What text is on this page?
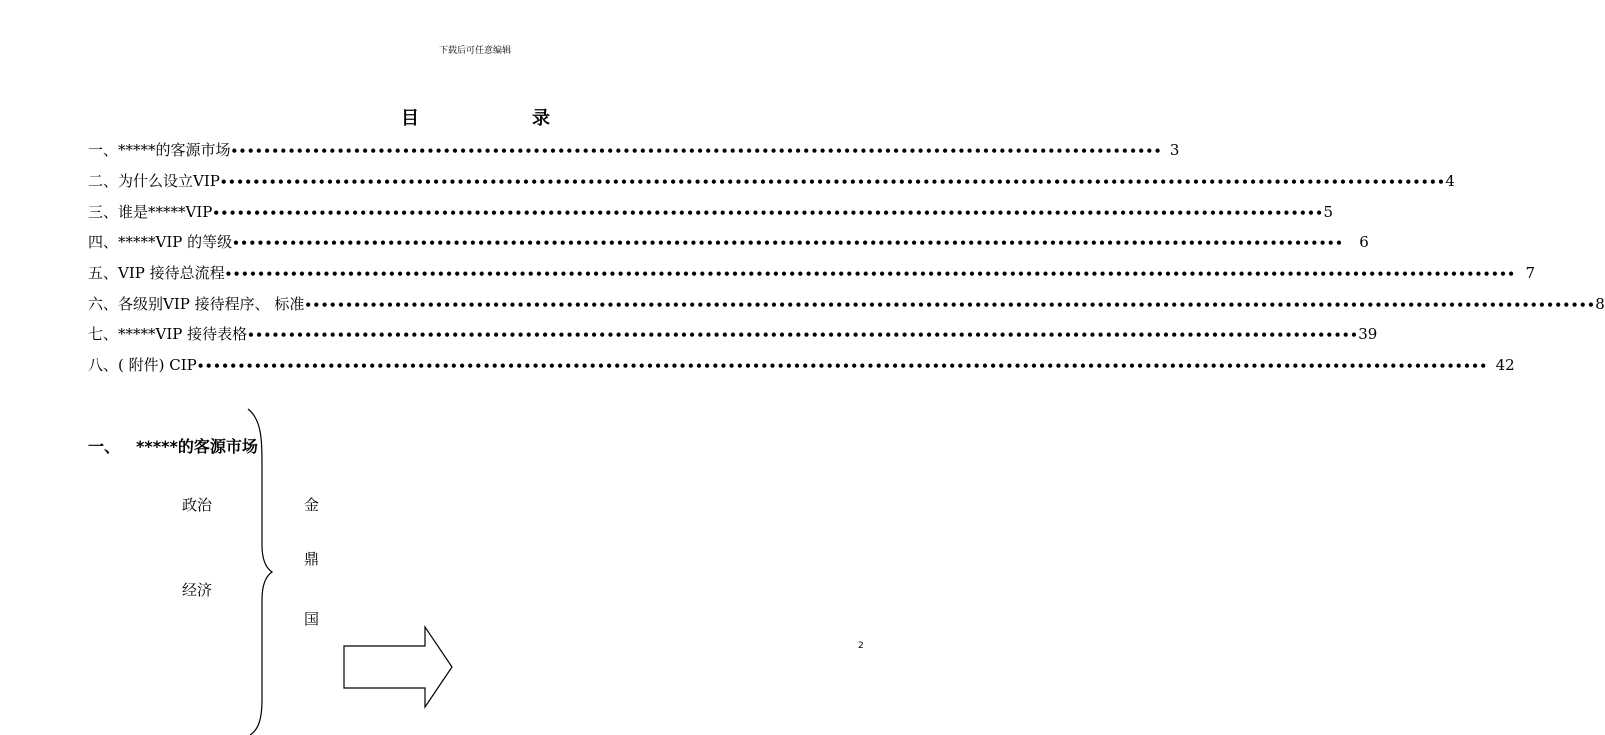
下载后可任意编辑
目	录
一、*****的客源市场 •••••••••••••••••••••••••••••••••••••••••••••••••••••••••••••••••••••••••••••••••••••••••••••••••••••••••••••••••• 3
二、为什么设立VIP •••••••••••••••••••••••••••••••••••••••••••••••••••••••••••••••••••••••••••••••••••••••••••••••••••••••••••••••••••••••••••••••••••••••••••••••••••••• 4
三、谁是*****VIP •••••••••••••••••••••••••••••••••••••••••••••••••••••••••••••••••••••••••••••••••••••••••••••••••••••••••••••••••••••••••••••••••••••••• 5
四、*****VIP 的等级 •••••••••••••••••••••••••••••••••••••••••••••••••••••••••••••••••••••••••••••••••••••••••••••••••••••••••••••••••••••••••••••••••••••••• 6
五、VIP 接待总流程 •••••••••••••••••••••••••••••••••••••••••••••••••••••••••••••••••••••••••••••••••••••••••••••••••••••••••••••••••••••••••••••••••••••••••••••••••••••••••••••• 7
六、各级别VIP 接待程序、 标准 •••••••••••••••••••••••••••••••••••••••••••••••••••••••••••••••••••••••••••••••••••••••••••••••••••••••••••••••••••••••••••••••••••••••••••••••••••••••••••••• 8
七、*****VIP 接待表格 •••••••••••••••••••••••••••••••••••••••••••••••••••••••••••••••••••••••••••••••••••••••••••••••••••••••••••••••••••••••••••••••••••••••• 39
八、( 附件) CIP •••••••••••••••••••••••••••••••••••••••••••••••••••••••••••••••••••••••••••••••••••••••••••••••••••••••••••••••••••••••••••••••••••••••••••••••••••••••••••••• 42
一、 *****的客源市场
政治
经济
金
鼎
国
2
